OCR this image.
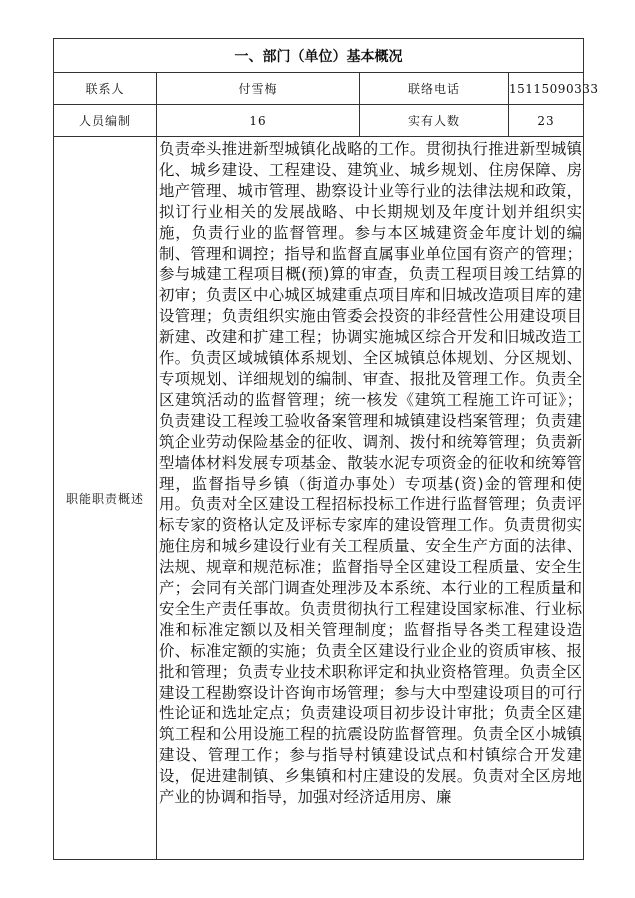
一、部门（单位）基本概况			
联系人	付雪梅	联络电话	15115090333
人员编制	16	实有人数	23
职能职责概述	负责牵头推进新型城镇化战略的工作。贯彻执行推进新型城镇化、城乡建设、工程建设、建筑业、城乡规划、住房保障、房地产管理、城市管理、勘察设计业等行业的法律法规和政策，拟订行业相关的发展战略、中长期规划及年度计划并组织实施，负责行业的监督管理。参与本区城建资金年度计划的编制、管理和调控；指导和监督直属事业单位国有资产的管理；参与城建工程项目概(预)算的审查，负责工程项目竣工结算的初审；负责区中心城区城建重点项目库和旧城改造项目库的建设管理；负责组织实施由管委会投资的非经营性公用建设项目新建、改建和扩建工程；协调实施城区综合开发和旧城改造工作。负责区域城镇体系规划、全区城镇总体规划、分区规划、专项规划、详细规划的编制、审查、报批及管理工作。负责全区建筑活动的监督管理；统一核发《建筑工程施工许可证》；负责建设工程竣工验收备案管理和城镇建设档案管理；负责建筑企业劳动保险基金的征收、调剂、拨付和统筹管理；负责新型墙体材料发展专项基金、散装水泥专项资金的征收和统筹管理，监督指导乡镇（街道办事处）专项基(资)金的管理和使用。负责对全区建设工程招标投标工作进行监督管理；负责评标专家的资格认定及评标专家库的建设管理工作。负责贯彻实施住房和城乡建设行业有关工程质量、安全生产方面的法律、法规、规章和规范标准；监督指导全区建设工程质量、安全生产；会同有关部门调查处理涉及本系统、本行业的工程质量和安全生产责任事故。负责贯彻执行工程建设国家标准、行业标准和标准定额以及相关管理制度；监督指导各类工程建设造价、标准定额的实施；负责全区建设行业企业的资质审核、报批和管理；负责专业技术职称评定和执业资格管理。负责全区建设工程勘察设计咨询市场管理；参与大中型建设项目的可行性论证和选址定点；负责建设项目初步设计审批；负责全区建筑工程和公用设施工程的抗震设防监督管理。负责全区小城镇建设、管理工作；参与指导村镇建设试点和村镇综合开发建设，促进建制镇、乡集镇和村庄建设的发展。负责对全区房地产业的协调和指导，加强对经济适用房、廉		
